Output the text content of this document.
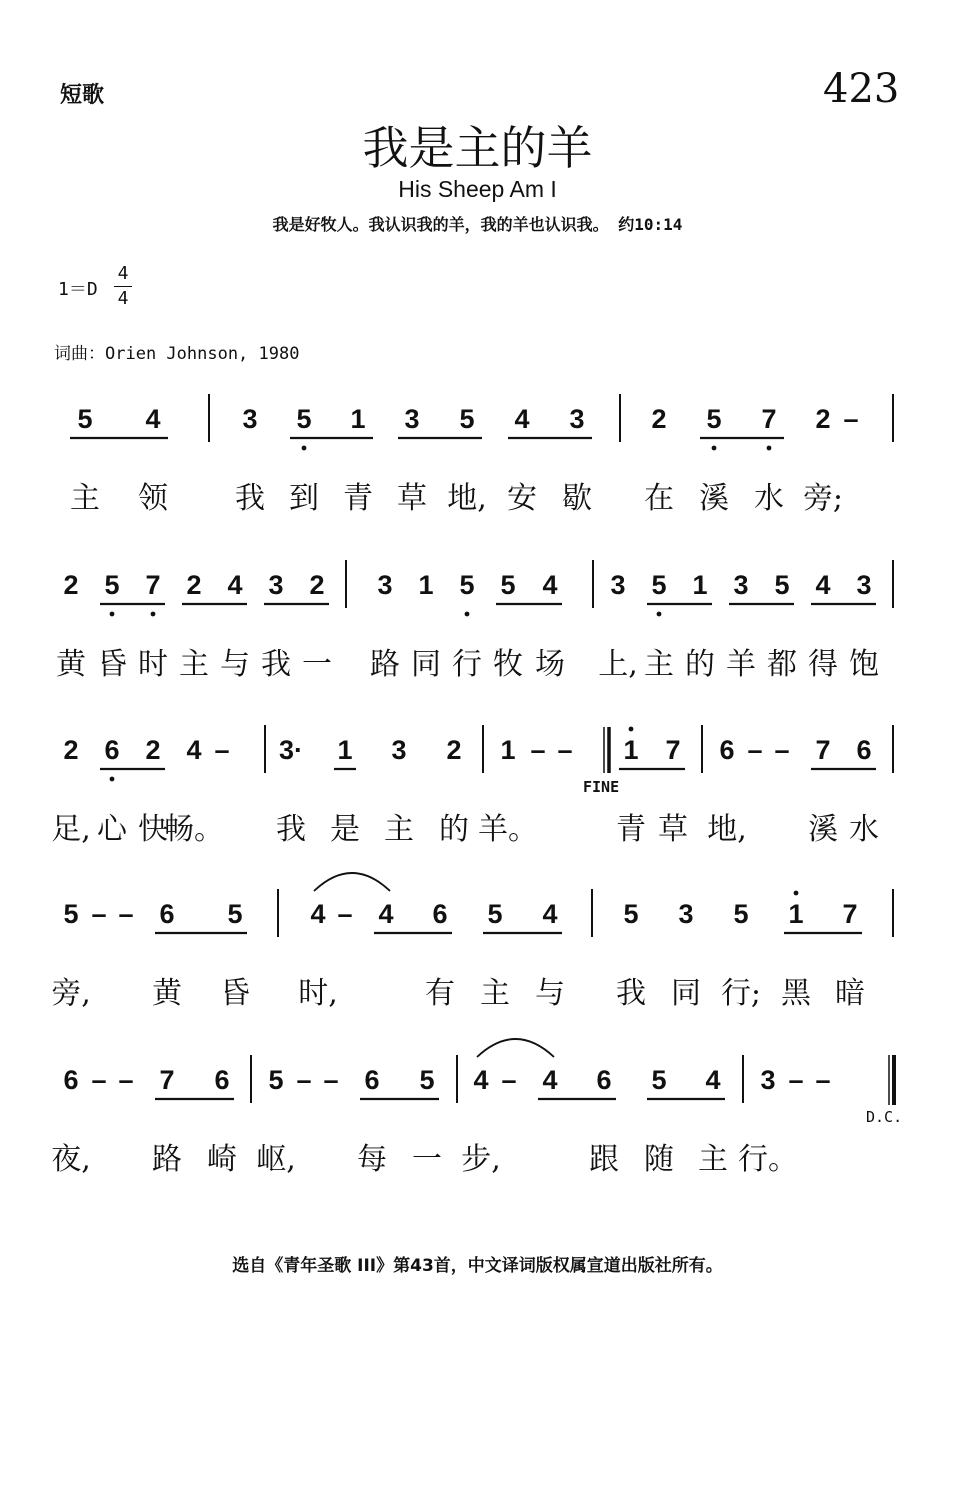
短歌	423
我是主的羊
His Sheep Am I
我是好牧人。我认识我的羊，我的羊也认识我。 约10:14
1＝D
4
4
词曲：Orien Johnson, 1980
5 4	3 5 1 3 5 4 3 2 5 7 2 –
主 领 我 到 青 草 地, 安 歇 在 溪 水 旁;
2 5 7 2 4 3 2 3 1 5 5 4 3 5 1 3 5 4 3
黄 昏 时 主 与 我 一 路 同 行 牧 场 上, 主 的 羊 都 得 饱
2 6 2 4 – 3· 1 3 2 1 – – 1 7 6 – – 7 6
足, 心 快
畅。 我 是 主 的 羊。	青 草 地, 溪 水
5 – – 6 5	4 – 4 6 5 4 5 3 5 1 7
旁, 黄 昏 时,	有 主 与 我 同 行; 黑 暗
6 – – 7 6 5 – – 6 5 4 – 4 6 5 4 3 – –
夜, 路 崎 岖, 每 一 步,	跟 随 主 行。
FINE
D.C.
选自《青年圣歌 III》第43首，中文译词版权属宣道出版社所有。
